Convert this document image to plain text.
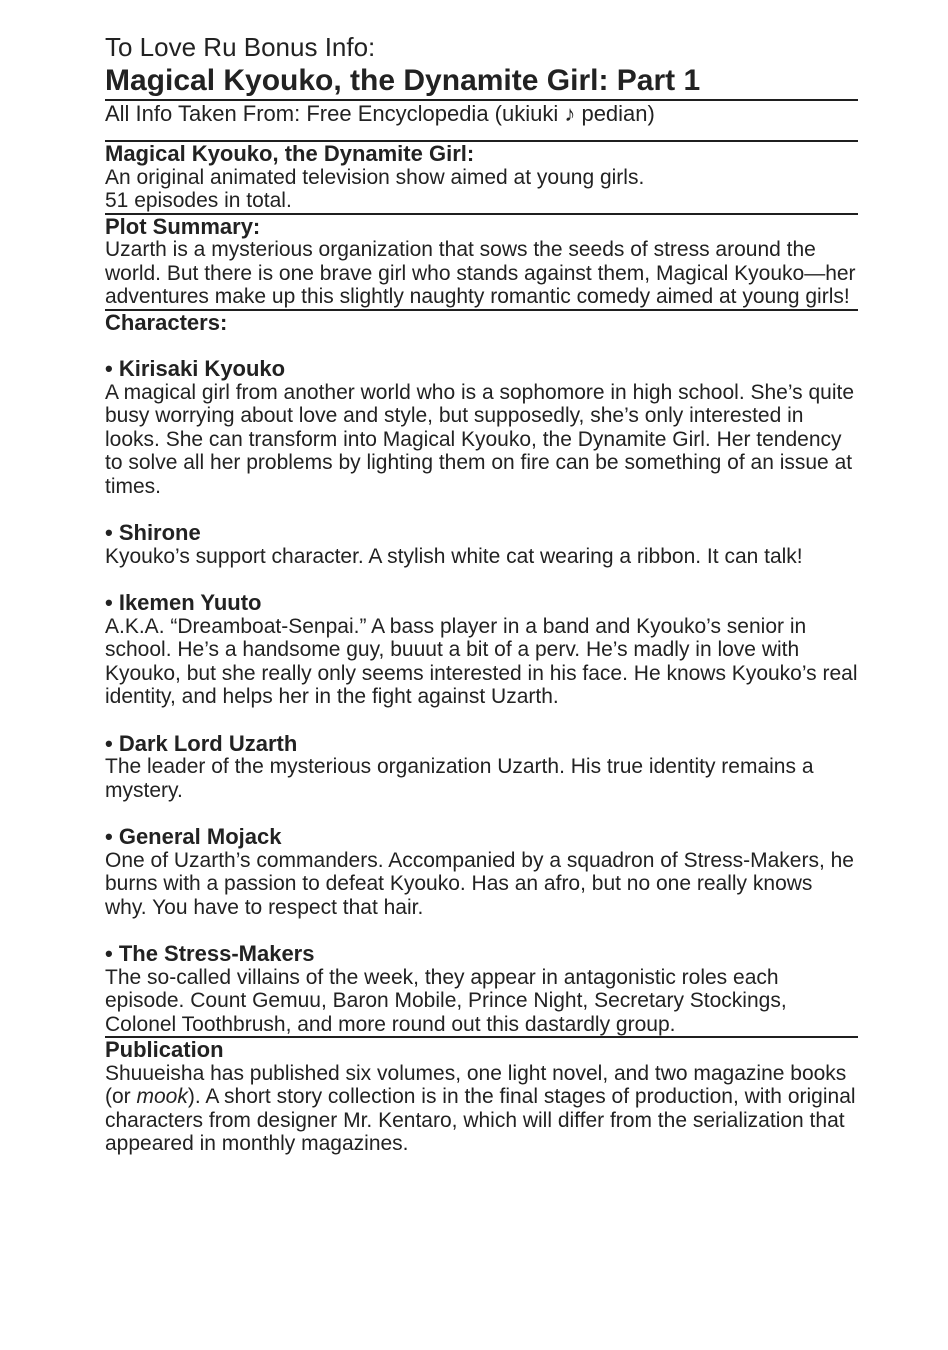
To Love Ru Bonus Info:
Magical Kyouko, the Dynamite Girl: Part 1

All Info Taken From: Free Encyclopedia (ukiuki ♪ pedian)

Magical Kyouko, the Dynamite Girl:

An original animated television show aimed at young girls.

51 episodes in total.

Plot Summary:

Uzarth is a mysterious organization that sows the seeds of stress around the world. But there is one brave girl who stands against them, Magical Kyouko—her adventures make up this slightly naughty romantic comedy aimed at young girls!

Characters:
• Kirisaki Kyouko

A magical girl from another world who is a sophomore in high school. She’s quite busy worrying about love and style, but supposedly, she’s only interested in looks. She can transform into Magical Kyouko, the Dynamite Girl. Her tendency to solve all her problems by lighting them on fire can be something of an issue at times.

• Shirone

Kyouko’s support character. A stylish white cat wearing a ribbon. It can talk!

• Ikemen Yuuto

A.K.A. “Dreamboat-Senpai.” A bass player in a band and Kyouko’s senior in school. He’s a handsome guy, buuut a bit of a perv. He’s madly in love with Kyouko, but she really only seems interested in his face. He knows Kyouko’s real identity, and helps her in the fight against Uzarth.

• Dark Lord Uzarth

The leader of the mysterious organization Uzarth. His true identity remains a mystery.

• General Mojack

One of Uzarth’s commanders. Accompanied by a squadron of Stress-Makers, he burns with a passion to defeat Kyouko. Has an afro, but no one really knows why. You have to respect that hair.

• The Stress-Makers

The so-called villains of the week, they appear in antagonistic roles each episode. Count Gemuu, Baron Mobile, Prince Night, Secretary Stockings, Colonel Toothbrush, and more round out this dastardly group.

Publication

Shuueisha has published six volumes, one light novel, and two magazine books (or mook). A short story collection is in the final stages of production, with original characters from designer Mr. Kentaro, which will differ from the serialization that appeared in monthly magazines.
